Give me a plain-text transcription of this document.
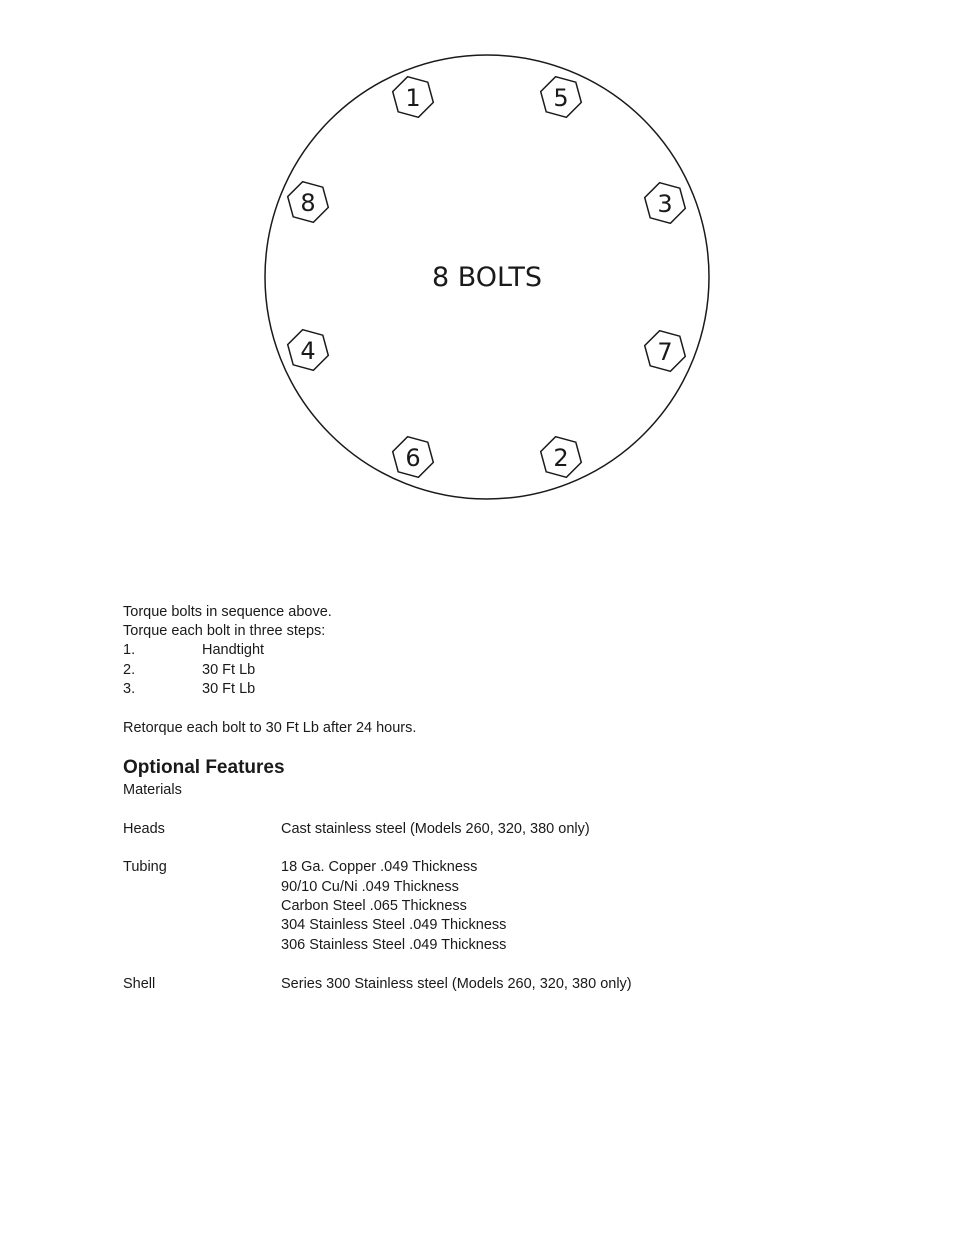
8 BOLTS
1	5
3
7
2
6
4
8
Torque bolts in sequence above.
Torque each bolt in three steps:
1.	Handtight
2.	30 Ft Lb
3.	30 Ft Lb
Retorque each bolt to 30 Ft Lb after 24 hours.
Optional Features
Materials
Heads	Cast stainless steel (Models 260, 320, 380 only)
Tubing	18 Ga. Copper .049 Thickness
90/10 Cu/Ni .049 Thickness
Carbon Steel .065 Thickness
304 Stainless Steel .049 Thickness
306 Stainless Steel .049 Thickness
Shell	Series 300 Stainless steel (Models 260, 320, 380 only)
